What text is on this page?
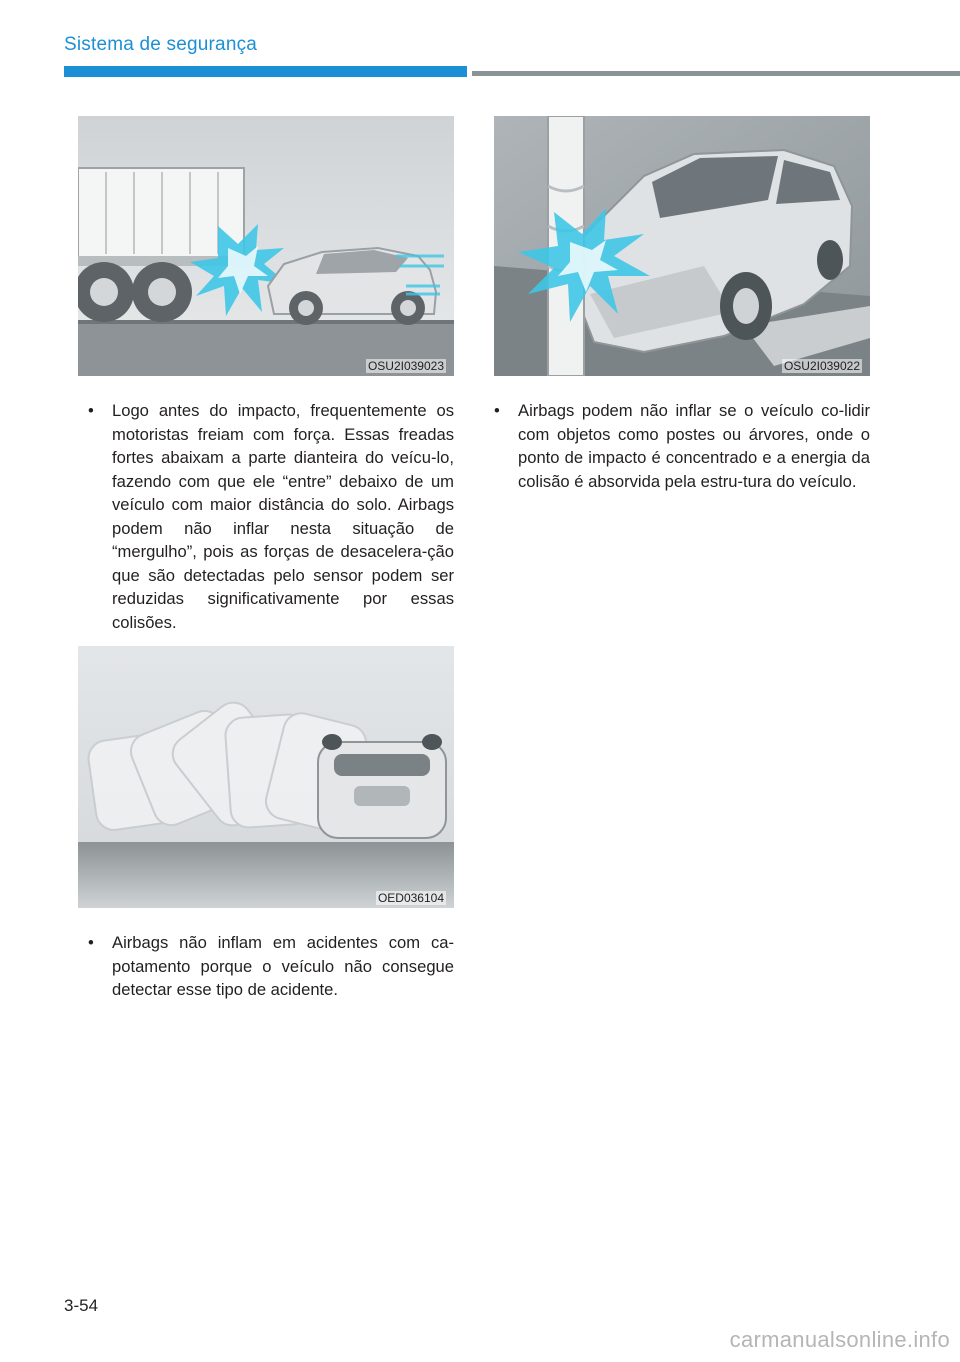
Sistema de segurança
OSU2I039023	OSU2I039022
OED036104
• Logo antes do impacto, frequentemente os motoristas freiam com força. Essas freadas fortes abaixam a parte dianteira do veícu-lo, fazendo com que ele “entre” debaixo de um veículo com maior distância do solo. Airbags podem não inflar nesta situação de “mergulho”, pois as forças de desacelera-ção que são detectadas pelo sensor podem ser reduzidas significativamente por essas colisões.
• Airbags não inflam em acidentes com ca-potamento porque o veículo não consegue detectar esse tipo de acidente.
• Airbags podem não inflar se o veículo co-lidir com objetos como postes ou árvores, onde o ponto de impacto é concentrado e a energia da colisão é absorvida pela estru-tura do veículo.
3-54
carmanualsonline.info
